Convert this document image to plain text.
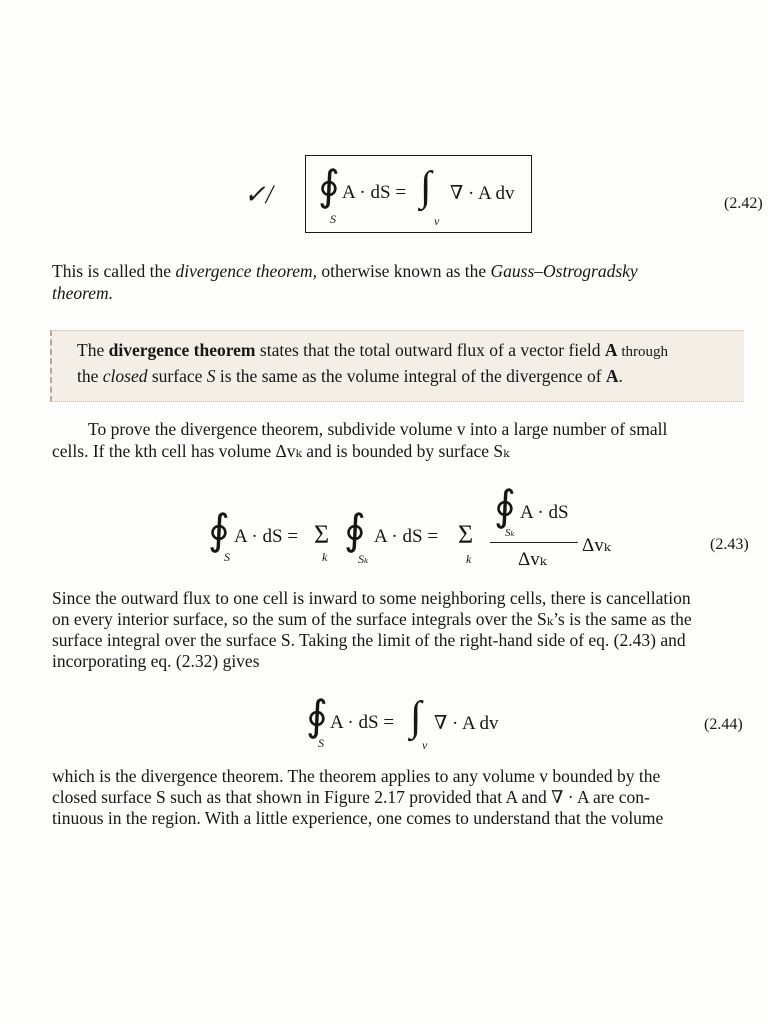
✓/ ∮
S
A · dS = ∫
v
∇ · A dv	(2.42)
This is called the divergence theorem, otherwise known as the Gauss–Ostrogradsky
theorem.
The divergence theorem states that the total outward flux of a vector field A through
the closed surface S is the same as the volume integral of the divergence of A.
To prove the divergence theorem, subdivide volume v into a large number of small
cells. If the kth cell has volume Δvₖ and is bounded by surface Sₖ
∮
S
A · dS = Σ
k
∮
Sₖ
A · dS = Σ
k
∮
Sₖ
A · dS
Δvₖ
Δvₖ	(2.43)
Since the outward flux to one cell is inward to some neighboring cells, there is cancellation
on every interior surface, so the sum of the surface integrals over the Sₖ’s is the same as the
surface integral over the surface S. Taking the limit of the right-hand side of eq. (2.43) and
incorporating eq. (2.32) gives
∮
S
A · dS = ∫
v
∇ · A dv	(2.44)
which is the divergence theorem. The theorem applies to any volume v bounded by the
closed surface S such as that shown in Figure 2.17 provided that A and ∇ · A are con-
tinuous in the region. With a little experience, one comes to understand that the volume
